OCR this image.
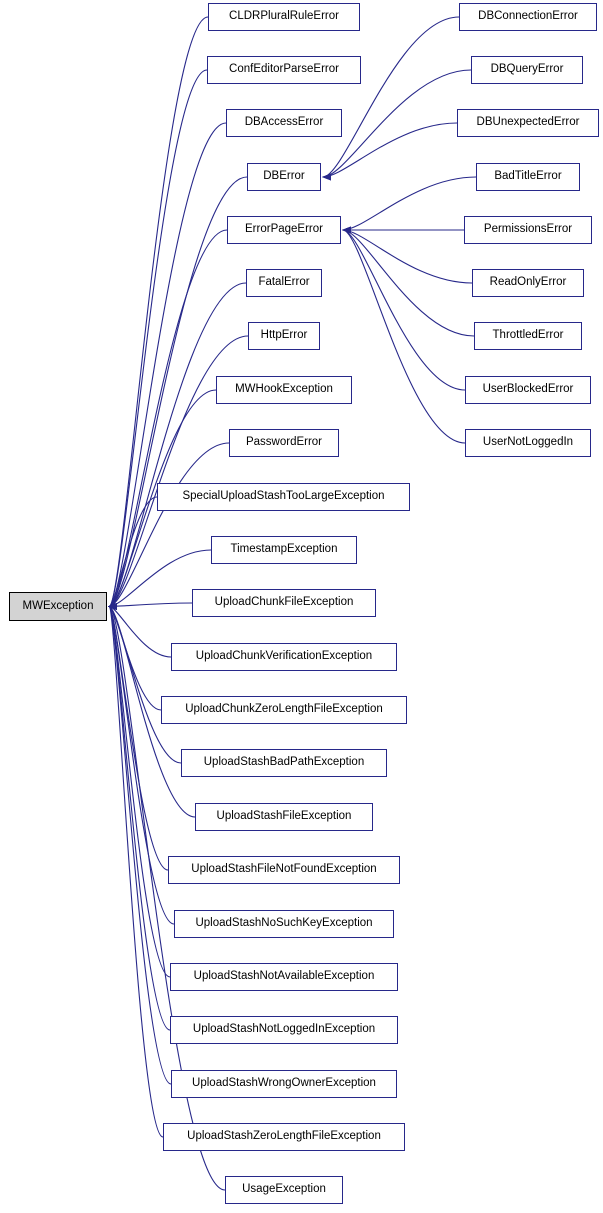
MWException
CLDRPluralRuleError
ConfEditorParseError
DBAccessError
DBError
ErrorPageError
FatalError
HttpError
MWHookException
PasswordError
SpecialUploadStashTooLargeException
TimestampException
UploadChunkFileException
UploadChunkVerificationException
UploadChunkZeroLengthFileException
UploadStashBadPathException
UploadStashFileException
UploadStashFileNotFoundException
UploadStashNoSuchKeyException
UploadStashNotAvailableException
UploadStashNotLoggedInException
UploadStashWrongOwnerException
UploadStashZeroLengthFileException
UsageException
DBConnectionError
DBQueryError
DBUnexpectedError
BadTitleError
PermissionsError
ReadOnlyError
ThrottledError
UserBlockedError
UserNotLoggedIn
